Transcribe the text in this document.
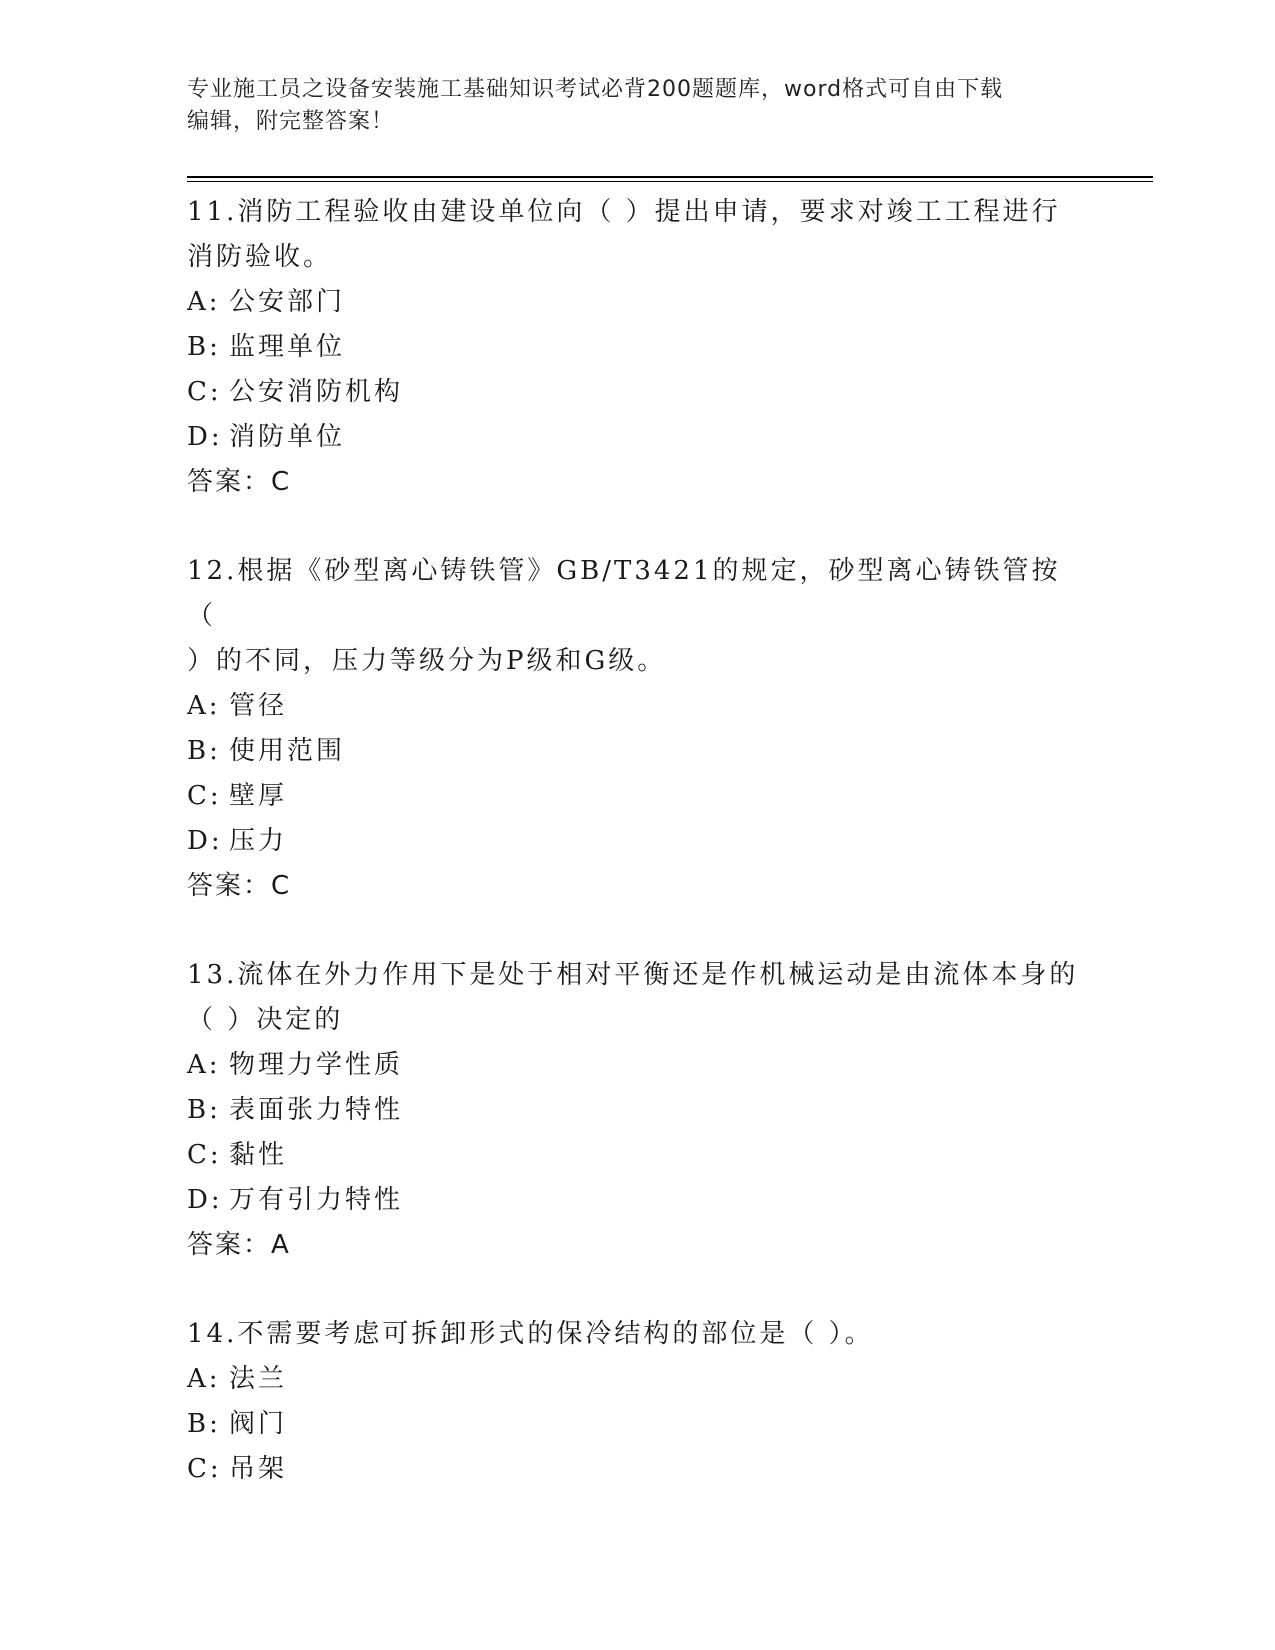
专业施工员之设备安装施工基础知识考试必背200题题库，word格式可自由下载
编辑，附完整答案！

11.消防工程验收由建设单位向（ ）提出申请，要求对竣工工程进行

消防验收。

A: 公安部门

B: 监理单位

C: 公安消防机构

D: 消防单位

答案：C

12.根据《砂型离心铸铁管》GB/T3421的规定，砂型离心铸铁管按（

）的不同，压力等级分为P级和G级。

A: 管径

B: 使用范围

C: 壁厚

D: 压力

答案：C

13.流体在外力作用下是处于相对平衡还是作机械运动是由流体本身的

（ ）决定的

A: 物理力学性质

B: 表面张力特性

C: 黏性

D: 万有引力特性

答案：A

14.不需要考虑可拆卸形式的保冷结构的部位是（ ）。

A: 法兰

B: 阀门

C: 吊架
